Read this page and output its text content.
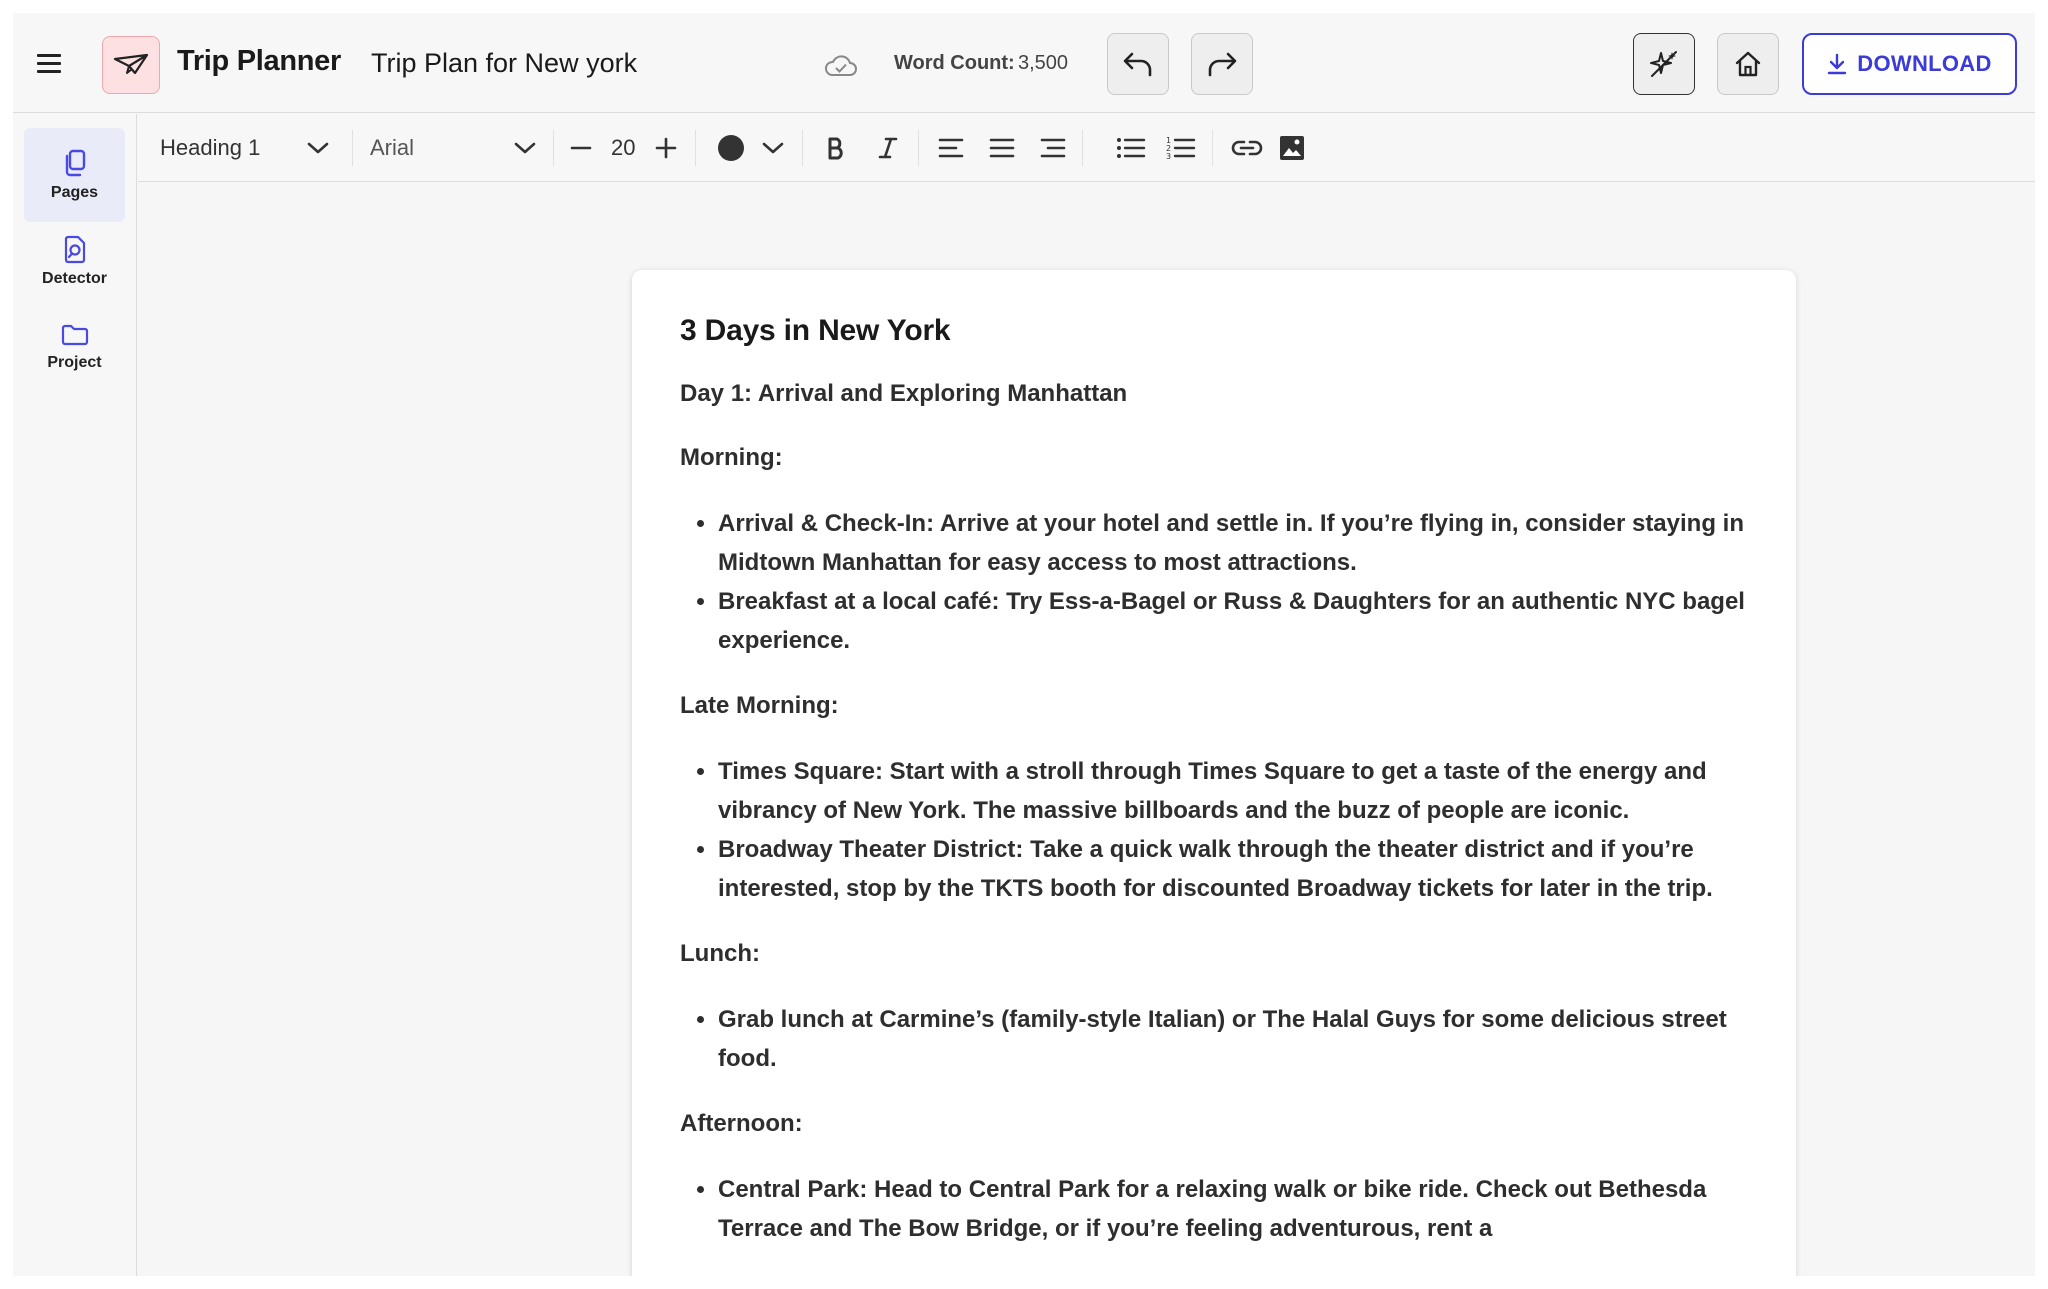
Trip Planner Trip Plan for New york	Word Count: 3,500	DOWNLOAD
Pages
Detector
Project
Heading 1	Arial	20	1
2
3
3 Days in New York
Day 1: Arrival and Exploring Manhattan
Morning:
• Arrival & Check-In: Arrive at your hotel and settle in. If you’re flying in, consider staying in Midtown Manhattan for easy access to most attractions.
• Breakfast at a local café: Try Ess-a-Bagel or Russ & Daughters for an authentic NYC bagel experience.
Late Morning:
• Times Square: Start with a stroll through Times Square to get a taste of the energy and vibrancy of New York. The massive billboards and the buzz of people are iconic.
• Broadway Theater District: Take a quick walk through the theater district and if you’re interested, stop by the TKTS booth for discounted Broadway tickets for later in the trip.
Lunch:
• Grab lunch at Carmine’s (family-style Italian) or The Halal Guys for some delicious street food.
Afternoon:
• Central Park: Head to Central Park for a relaxing walk or bike ride. Check out Bethesda Terrace and The Bow Bridge, or if you’re feeling adventurous, rent a
